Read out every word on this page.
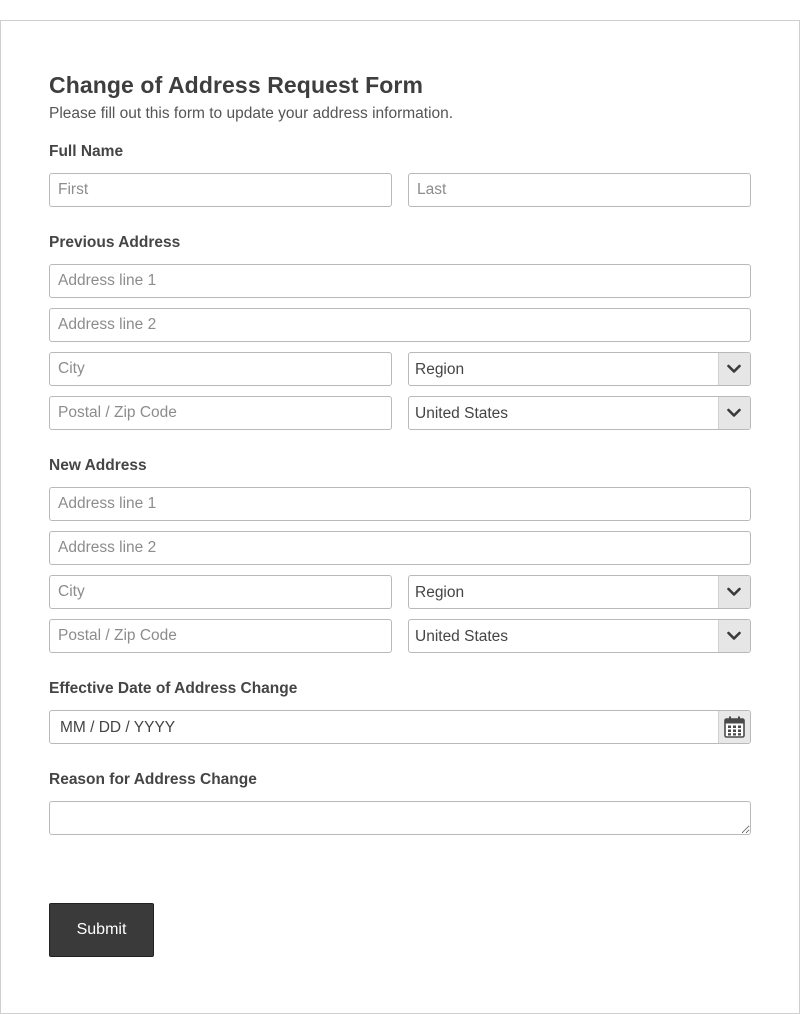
Change of Address Request Form
Please fill out this form to update your address information.
Full Name
First
Last
Previous Address
Address line 1
Address line 2
City
Region
Postal / Zip Code
United States
New Address
Address line 1
Address line 2
City
Region
Postal / Zip Code
United States
Effective Date of Address Change
MM / DD / YYYY
Reason for Address Change
Submit
